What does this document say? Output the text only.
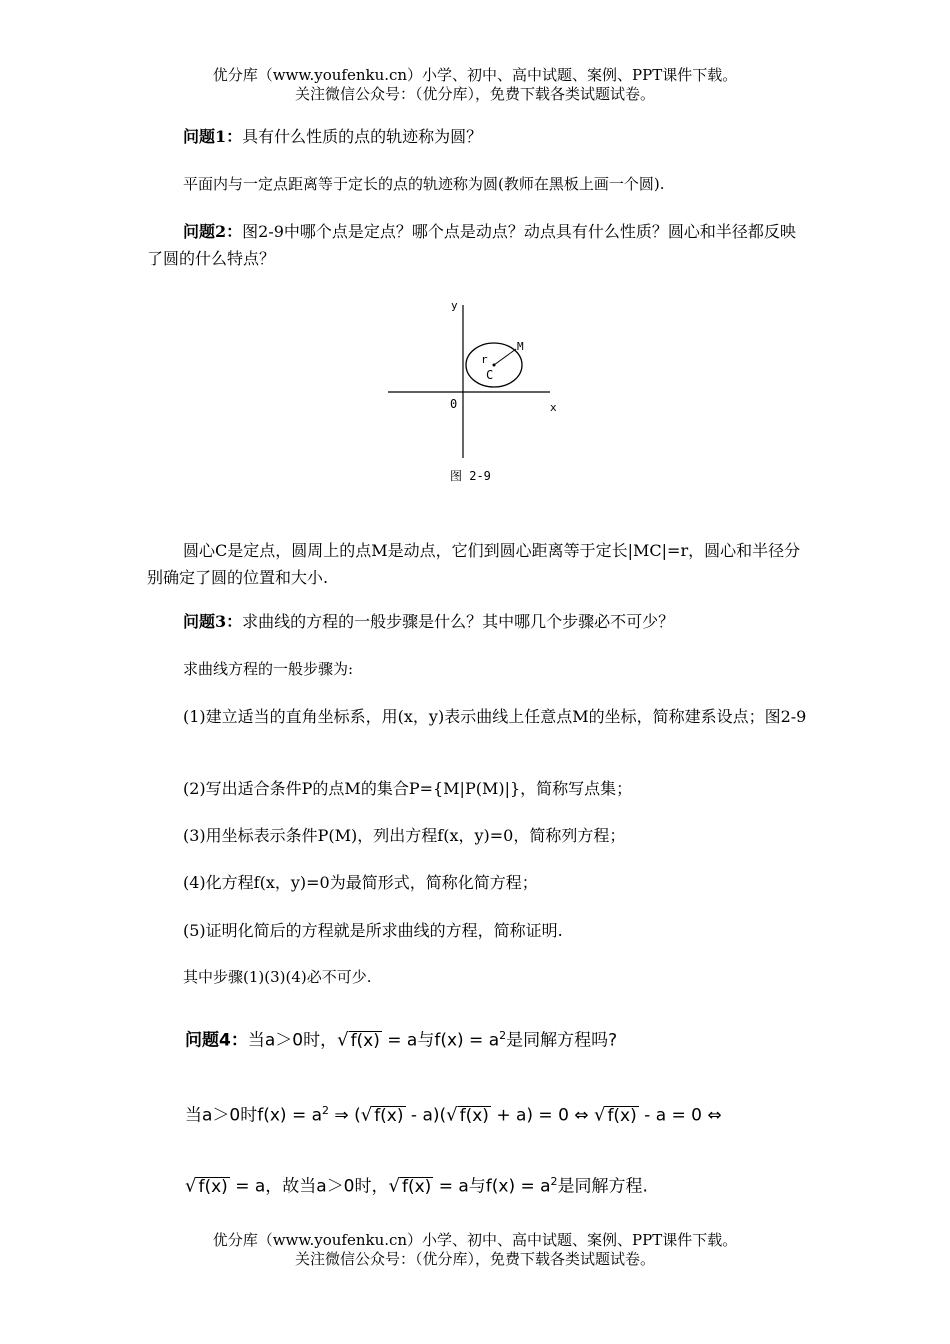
优分库（www.youfenku.cn）小学、初中、高中试题、案例、PPT课件下载。
关注微信公众号：（优分库），免费下载各类试题试卷。

问题1：具有什么性质的点的轨迹称为圆？

平面内与一定点距离等于定长的点的轨迹称为圆(教师在黑板上画一个圆).

问题2：图2-9中哪个点是定点？哪个点是动点？动点具有什么性质？圆心和半径都反映了圆的什么特点？

y
x
0
r
M
C
图 2-9

圆心C是定点，圆周上的点M是动点，它们到圆心距离等于定长|MC|=r，圆心和半径分别确定了圆的位置和大小.

问题3：求曲线的方程的一般步骤是什么？其中哪几个步骤必不可少？

求曲线方程的一般步骤为:

(1)建立适当的直角坐标系，用(x，y)表示曲线上任意点M的坐标，简称建系设点；图2-9

(2)写出适合条件P的点M的集合P={M|P(M)|}，简称写点集；

(3)用坐标表示条件P(M)，列出方程f(x，y)=0，简称列方程；

(4)化方程f(x，y)=0为最简形式，简称化简方程；

(5)证明化简后的方程就是所求曲线的方程，简称证明.

其中步骤(1)(3)(4)必不可少.

问题4：当a＞0时，√ f(x) = a与$f(x) = a^2$是同解方程吗?

当a＞0时$f(x) = a^2$ ⇒ (√ f(x) - a)(√ f(x) + a) = 0 ⇔ √ f(x) - a = 0 ⇔

√ f(x) = a，故当a＞0时，√ f(x) = a与$f(x) = a^2$是同解方程.

优分库（www.youfenku.cn）小学、初中、高中试题、案例、PPT课件下载。
关注微信公众号：（优分库），免费下载各类试题试卷。
